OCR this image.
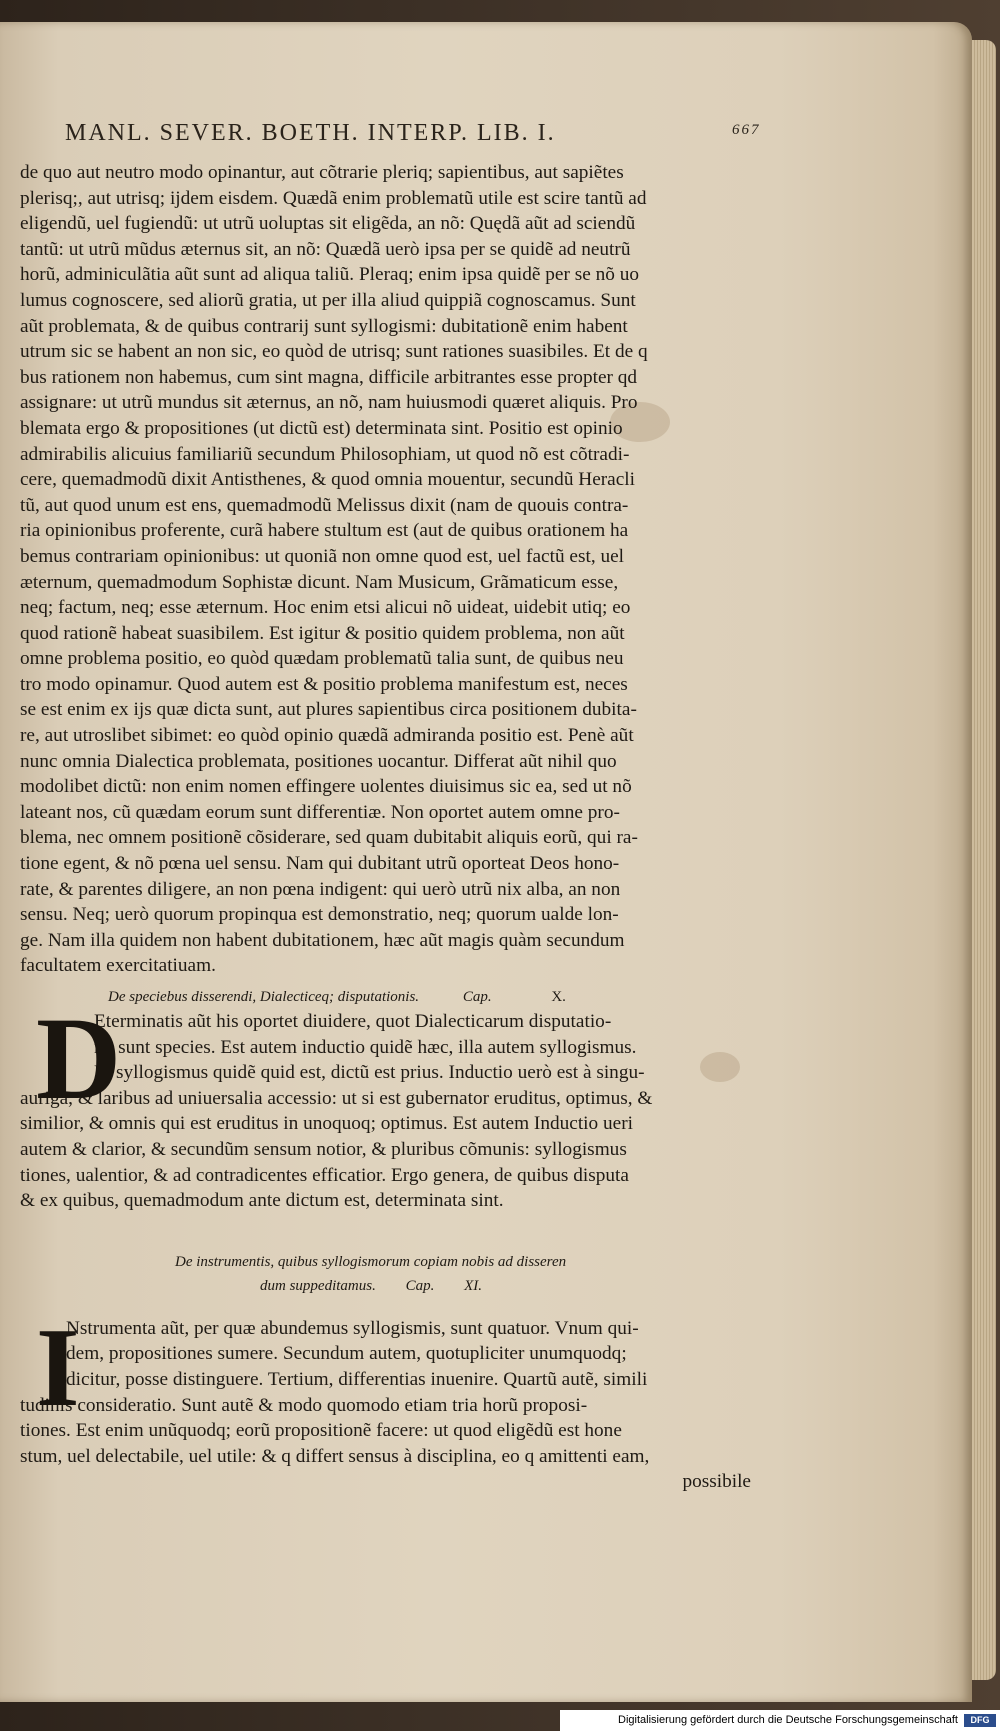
MANL. SEVER. BOETH. INTERP. LIB. I.	667
de quo aut neutro modo opinantur, aut cõtrarie pleriq; sapientibus, aut sapiẽtes
plerisq;, aut utrisq; ijdem eisdem. Quædã enim problematũ utile est scire tantũ ad
eligendũ, uel fugiendũ: ut utrũ uoluptas sit eligẽda, an nõ: Quędã aũt ad sciendũ
tantũ: ut utrũ mũdus æternus sit, an nõ: Quædã uerò ipsa per se quidẽ ad neutrũ
horũ, adminiculãtia aũt sunt ad aliqua taliũ. Pleraq; enim ipsa quidẽ per se nõ uo
lumus cognoscere, sed aliorũ gratia, ut per illa aliud quippiã cognoscamus. Sunt
aũt problemata, & de quibus contrarij sunt syllogismi: dubitationẽ enim habent
utrum sic se habent an non sic, eo quòd de utrisq; sunt rationes suasibiles. Et de q
bus rationem non habemus, cum sint magna, difficile arbitrantes esse propter qd
assignare: ut utrũ mundus sit æternus, an nõ, nam huiusmodi quæret aliquis. Pro
blemata ergo & propositiones (ut dictũ est) determinata sint. Positio est opinio
admirabilis alicuius familiariũ secundum Philosophiam, ut quod nõ est cõtradi-
cere, quemadmodũ dixit Antisthenes, & quod omnia mouentur, secundũ Heracli
tũ, aut quod unum est ens, quemadmodũ Melissus dixit (nam de quouis contra-
ria opinionibus proferente, curã habere stultum est (aut de quibus orationem ha
bemus contrariam opinionibus: ut quoniã non omne quod est, uel factũ est, uel
æternum, quemadmodum Sophistæ dicunt. Nam Musicum, Grãmaticum esse,
neq; factum, neq; esse æternum. Hoc enim etsi alicui nõ uideat, uidebit utiq; eo
quod rationẽ habeat suasibilem. Est igitur & positio quidem problema, non aũt
omne problema positio, eo quòd quædam problematũ talia sunt, de quibus neu
tro modo opinamur. Quod autem est & positio problema manifestum est, neces
se est enim ex ijs quæ dicta sunt, aut plures sapientibus circa positionem dubita-
re, aut utroslibet sibimet: eo quòd opinio quædã admiranda positio est. Penè aũt
nunc omnia Dialectica problemata, positiones uocantur. Differat aũt nihil quo
modolibet dictũ: non enim nomen effingere uolentes diuisimus sic ea, sed ut nõ
lateant nos, cũ quædam eorum sunt differentiæ. Non oportet autem omne pro-
blema, nec omnem positionẽ cõsiderare, sed quam dubitabit aliquis eorũ, qui ra-
tione egent, & nõ pœna uel sensu. Nam qui dubitant utrũ oporteat Deos hono-
rate, & parentes diligere, an non pœna indigent: qui uerò utrũ nix alba, an non
sensu. Neq; uerò quorum propinqua est demonstratio, neq; quorum ualde lon-
ge. Nam illa quidem non habent dubitationem, hæc aũt magis quàm secundum
facultatem exercitatiuam.
De speciebus disserendi, Dialecticeq; disputationis.	Cap.	X.
D
Eterminatis aũt his oportet diuidere, quot Dialecticarum disputatio-
nũ sunt species. Est autem inductio quidẽ hæc, illa autem syllogismus.
Et syllogismus quidẽ quid est, dictũ est prius. Inductio uerò est à singu-
auriga, & laribus ad uniuersalia accessio: ut si est gubernator eruditus, optimus, &
similior, & omnis qui est eruditus in unoquoq; optimus. Est autem Inductio ueri
autem & clarior, & secundũm sensum notior, & pluribus cõmunis: syllogismus
tiones, ualentior, & ad contradicentes efficatior. Ergo genera, de quibus disputa
& ex quibus, quemadmodum ante dictum est, determinata sint.
De instrumentis, quibus syllogismorum copiam nobis ad disseren
dum suppeditamus. Cap. XI.
I
Nstrumenta aũt, per quæ abundemus syllogismis, sunt quatuor. Vnum qui-
dem, propositiones sumere. Secundum autem, quotupliciter unumquodq;
dicitur, posse distinguere. Tertium, differentias inuenire. Quartũ autẽ, simili
tudinis consideratio. Sunt autẽ & modo quomodo etiam tria horũ proposi-
tiones. Est enim unũquodq; eorũ propositionẽ facere: ut quod eligẽdũ est hone
stum, uel delectabile, uel utile: & q differt sensus à disciplina, eo q amittenti eam,
possibile
Digitalisierung gefördert durch die Deutsche Forschungsgemeinschaft	DFG
